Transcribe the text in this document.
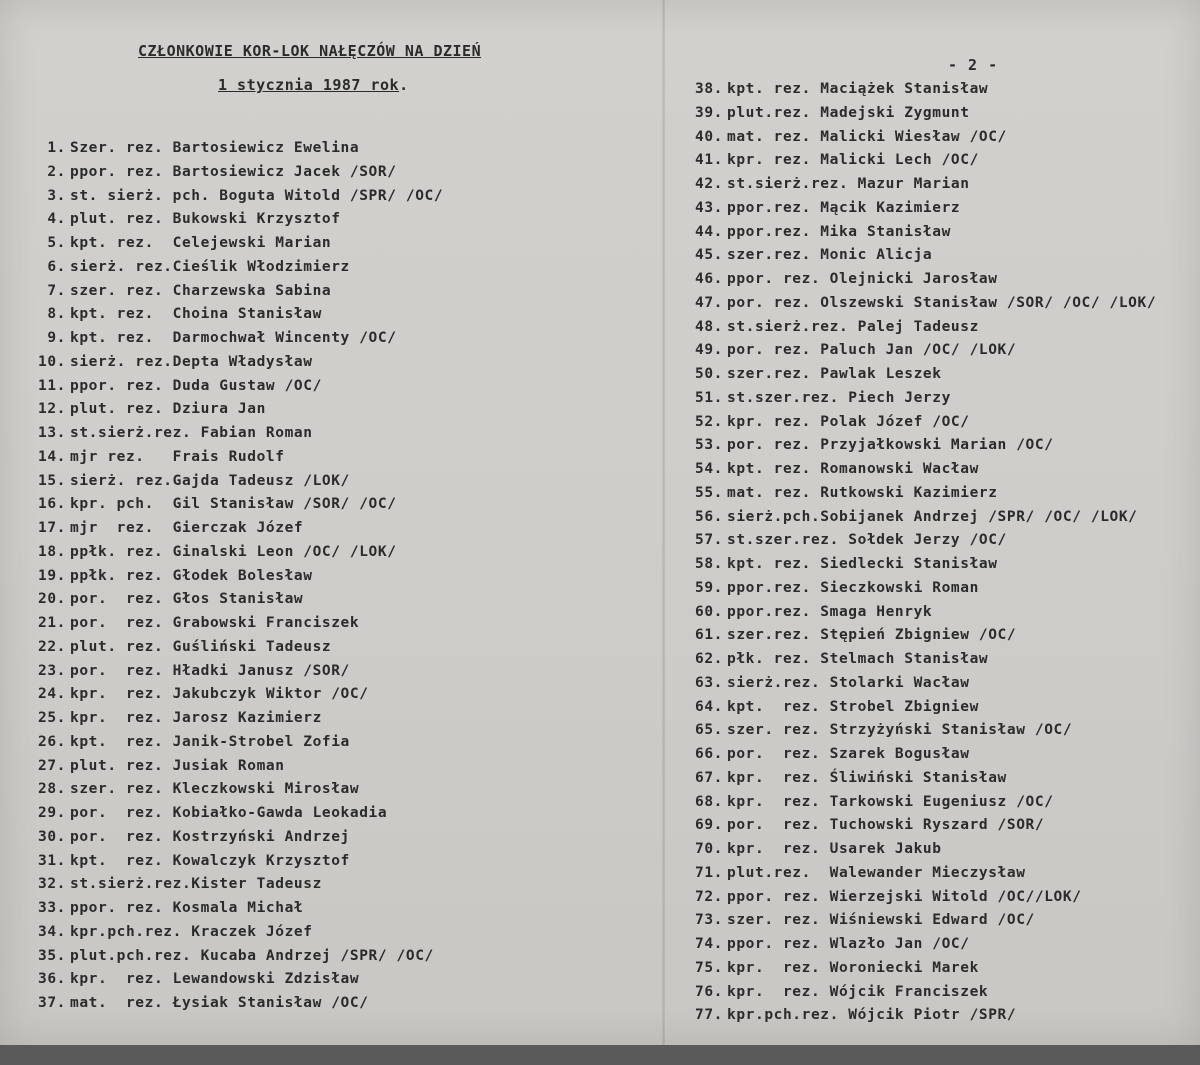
CZŁONKOWIE KOR-LOK NAŁĘCZÓW NA DZIEŃ
1 stycznia 1987 rok.
- 2 -
1. Szer. rez. Bartosiewicz Ewelina
2. ppor. rez. Bartosiewicz Jacek /SOR/
3. st. sierż. pch. Boguta Witold /SPR/ /OC/
4. plut. rez. Bukowski Krzysztof
5. kpt. rez.  Celejewski Marian
6. sierż. rez.Cieślik Włodzimierz
7. szer. rez. Charzewska Sabina
8. kpt. rez.  Choina Stanisław
9. kpt. rez.  Darmochwał Wincenty /OC/
10. sierż. rez.Depta Władysław
11. ppor. rez. Duda Gustaw /OC/
12. plut. rez. Dziura Jan
13. st.sierż.rez. Fabian Roman
14. mjr rez.   Frais Rudolf
15. sierż. rez.Gajda Tadeusz /LOK/
16. kpr. pch.  Gil Stanisław /SOR/ /OC/
17. mjr  rez.  Gierczak Józef
18. ppłk. rez. Ginalski Leon /OC/ /LOK/
19. ppłk. rez. Głodek Bolesław
20. por.  rez. Głos Stanisław
21. por.  rez. Grabowski Franciszek
22. plut. rez. Guśliński Tadeusz
23. por.  rez. Hładki Janusz /SOR/
24. kpr.  rez. Jakubczyk Wiktor /OC/
25. kpr.  rez. Jarosz Kazimierz
26. kpt.  rez. Janik-Strobel Zofia
27. plut. rez. Jusiak Roman
28. szer. rez. Kleczkowski Mirosław
29. por.  rez. Kobiałko-Gawda Leokadia
30. por.  rez. Kostrzyński Andrzej
31. kpt.  rez. Kowalczyk Krzysztof
32. st.sierż.rez.Kister Tadeusz
33. ppor. rez. Kosmala Michał
34. kpr.pch.rez. Kraczek Józef
35. plut.pch.rez. Kucaba Andrzej /SPR/ /OC/
36. kpr.  rez. Lewandowski Zdzisław
37. mat.  rez. Łysiak Stanisław /OC/
38. kpt. rez. Maciążek Stanisław
39. plut.rez. Madejski Zygmunt
40. mat. rez. Malicki Wiesław /OC/
41. kpr. rez. Malicki Lech /OC/
42. st.sierż.rez. Mazur Marian
43. ppor.rez. Mącik Kazimierz
44. ppor.rez. Mika Stanisław
45. szer.rez. Monic Alicja
46. ppor. rez. Olejnicki Jarosław
47. por. rez. Olszewski Stanisław /SOR/ /OC/ /LOK/
48. st.sierż.rez. Palej Tadeusz
49. por. rez. Paluch Jan /OC/ /LOK/
50. szer.rez. Pawlak Leszek
51. st.szer.rez. Piech Jerzy
52. kpr. rez. Polak Józef /OC/
53. por. rez. Przyjałkowski Marian /OC/
54. kpt. rez. Romanowski Wacław
55. mat. rez. Rutkowski Kazimierz
56. sierż.pch.Sobijanek Andrzej /SPR/ /OC/ /LOK/
57. st.szer.rez. Sołdek Jerzy /OC/
58. kpt. rez. Siedlecki Stanisław
59. ppor.rez. Sieczkowski Roman
60. ppor.rez. Smaga Henryk
61. szer.rez. Stępień Zbigniew /OC/
62. płk. rez. Stelmach Stanisław
63. sierż.rez. Stolarki Wacław
64. kpt.  rez. Strobel Zbigniew
65. szer. rez. Strzyżyński Stanisław /OC/
66. por.  rez. Szarek Bogusław
67. kpr.  rez. Śliwiński Stanisław
68. kpr.  rez. Tarkowski Eugeniusz /OC/
69. por.  rez. Tuchowski Ryszard /SOR/
70. kpr.  rez. Usarek Jakub
71. plut.rez.  Walewander Mieczysław
72. ppor. rez. Wierzejski Witold /OC//LOK/
73. szer. rez. Wiśniewski Edward /OC/
74. ppor. rez. Wlazło Jan /OC/
75. kpr.  rez. Woroniecki Marek
76. kpr.  rez. Wójcik Franciszek
77. kpr.pch.rez. Wójcik Piotr /SPR/
